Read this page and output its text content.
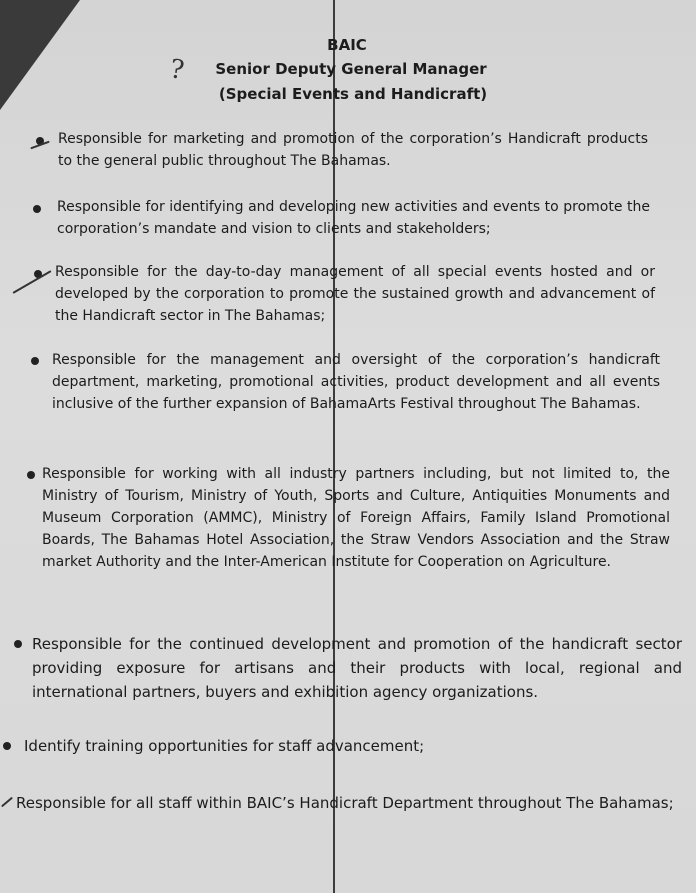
BAIC
Senior Deputy General Manager
(Special Events and Handicraft)
?
Responsible for marketing and promotion of the corporation’s Handicraft products to the general public throughout The Bahamas.
Responsible for identifying and developing new activities and events to promote the corporation’s mandate and vision to clients and stakeholders;
Responsible for the day-to-day management of all special events hosted and or developed by the corporation to promote the sustained growth and advancement of the Handicraft sector in The Bahamas;
Responsible for the management and oversight of the corporation’s handicraft department, marketing, promotional activities, product development and all events inclusive of the further expansion of BahamaArts Festival throughout The Bahamas.
Responsible for working with all industry partners including, but not limited to, the Ministry of Tourism, Ministry of Youth, Sports and Culture, Antiquities Monuments and Museum Corporation (AMMC), Ministry of Foreign Affairs, Family Island Promotional Boards, The Bahamas Hotel Association, the Straw Vendors Association and the Straw market Authority and the Inter-American Institute for Cooperation on Agriculture.
Responsible for the continued development and promotion of the handicraft sector providing exposure for artisans and their products with local, regional and international partners, buyers and exhibition agency organizations.
Identify training opportunities for staff advancement;
Responsible for all staff within BAIC’s Handicraft Department throughout The Bahamas;
